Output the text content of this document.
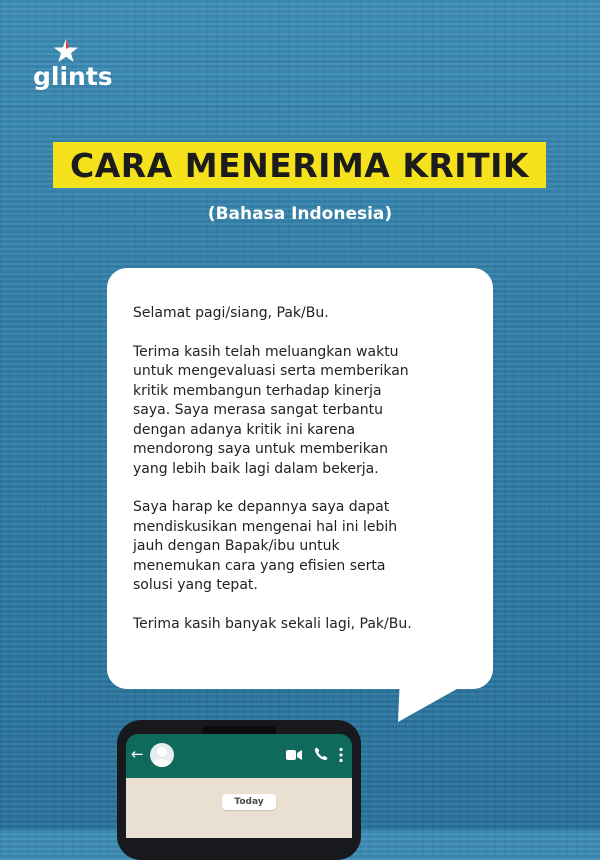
glints
CARA MENERIMA KRITIK
(Bahasa Indonesia)

Selamat pagi/siang, Pak/Bu.

Terima kasih telah meluangkan waktu
untuk mengevaluasi serta memberikan
kritik membangun terhadap kinerja
saya. Saya merasa sangat terbantu
dengan adanya kritik ini karena
mendorong saya untuk memberikan
yang lebih baik lagi dalam bekerja.

Saya harap ke depannya saya dapat
mendiskusikan mengenai hal ini lebih
jauh dengan Bapak/ibu untuk
menemukan cara yang efisien serta
solusi yang tepat.

Terima kasih banyak sekali lagi, Pak/Bu.

←
Today
